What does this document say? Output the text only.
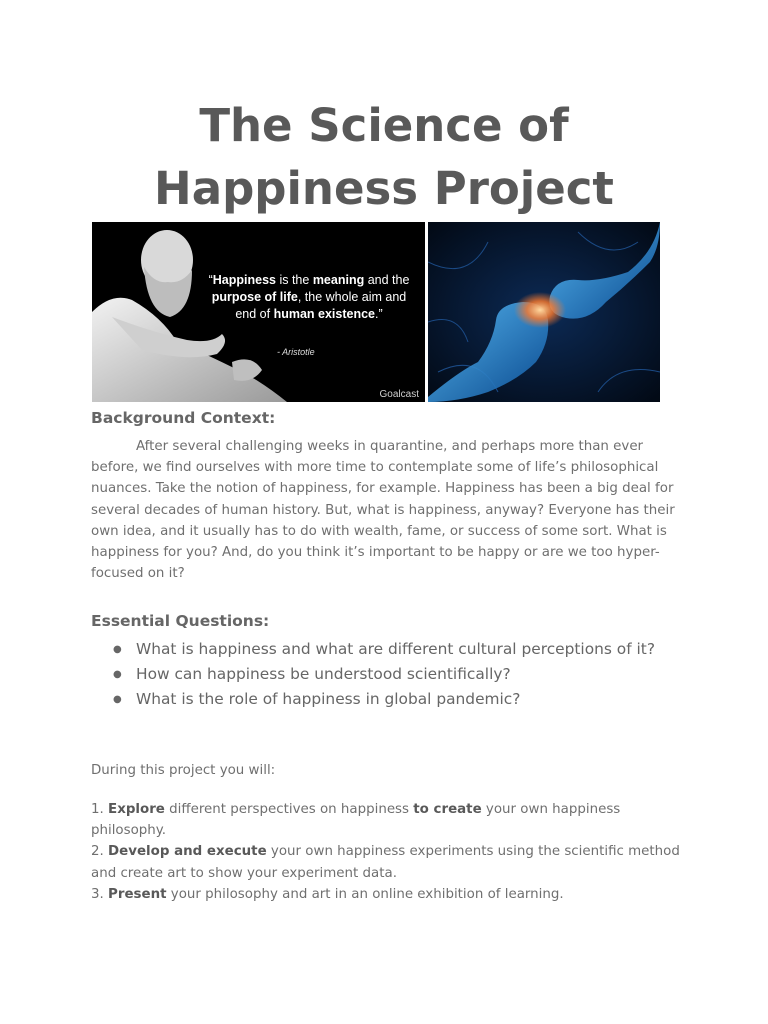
The Science of
Happiness Project
“Happiness is the meaning and the purpose of life, the whole aim and end of human existence.”
- Aristotle
Goalcast
Background Context:

After several challenging weeks in quarantine, and perhaps more than ever before, we find ourselves with more time to contemplate some of life’s philosophical nuances. Take the notion of happiness, for example. Happiness has been a big deal for several decades of human history. But, what is happiness, anyway? Everyone has their own idea, and it usually has to do with wealth, fame, or success of some sort. What is happiness for you? And, do you think it’s important to be happy or are we too hyper-focused on it?

Essential Questions:
● What is happiness and what are different cultural perceptions of it?
● How can happiness be understood scientifically?
● What is the role of happiness in global pandemic?

During this project you will:

1. Explore different perspectives on happiness to create your own happiness philosophy.
2. Develop and execute your own happiness experiments using the scientific method and create art to show your experiment data.
3. Present your philosophy and art in an online exhibition of learning.
